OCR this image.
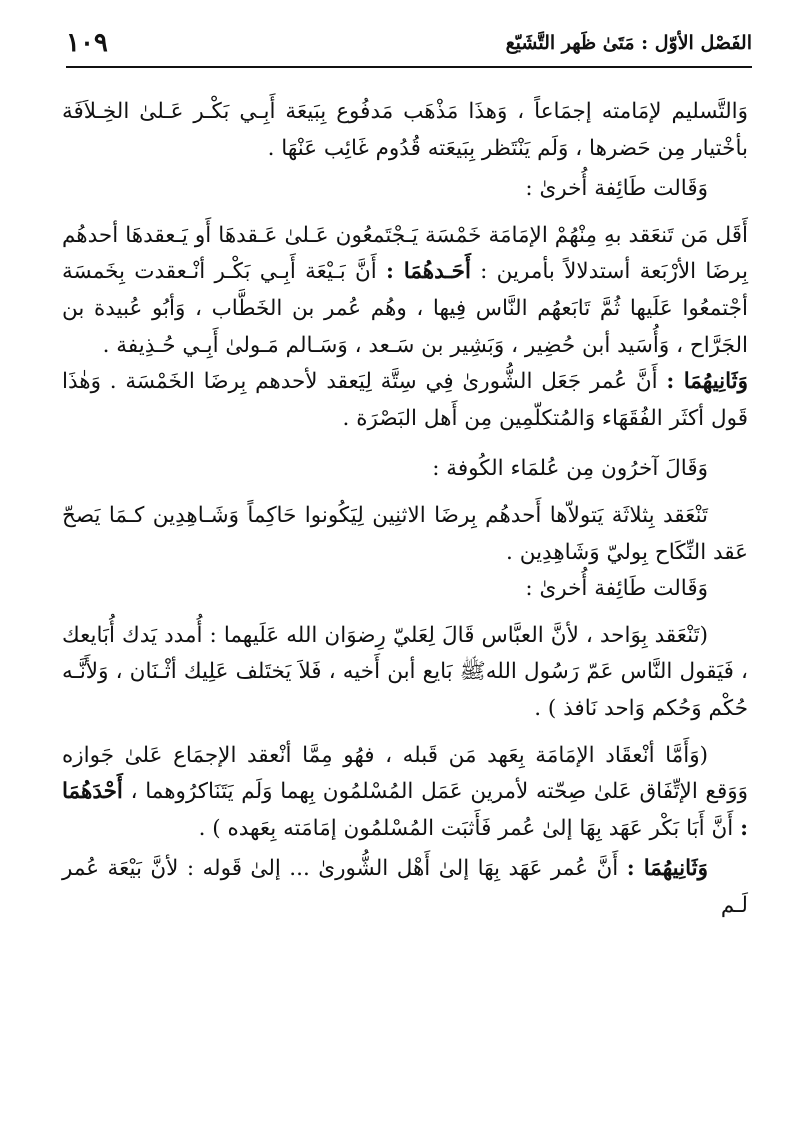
الفَصْل الأوّل : مَتَىٰ ظَهر التَّشَيّع
١٠٩

وَالتَّسليم لإمَامته إجمَاعاً ، وَهذَا مَذْهَب مَدفُوع بِبَيعَة أَبِـي بَكْـر عَـلىٰ الخِـلاَفَة بأخْتيار مِن حَضرها ، وَلَم يَنْتَظر بِبَيعَته قُدُوم غَائِب عَنْهَا .

وَقَالت طَائِفة أُخرىٰ :

أَقَل مَن تَنعَقد بهِ مِنْهُمْ الإمَامَة خَمْسَة يَـجْتَمعُون عَـلىٰ عَـقدهَا أَو يَـعقدهَا أحدهُم بِرضَا الأرْبَعة أستدلالاً بأمرين : أَحَـدهُمَا : أَنَّ بَـيْعَة أَبِـي بَكْـر أنْـعقدت بِخَمسَة أجْتمعُوا عَلَيها ثُمَّ تَابَعهُم النَّاس فِيها ، وهُم عُمر بن الخَطَّاب ، وَأبُو عُبيدة بن الجَرَّاح ، وَأُسَيد أبن حُضِير ، وَبَشِير بن سَـعد ، وَسَـالم مَـولىٰ أَبِـي حُـذِيفة .

وَثَانِيهُمَا : أَنَّ عُمر جَعَل الشُّورىٰ فِي سِتَّة لِيَعقد لأحدهم بِرضَا الخَمْسَة . وَهٰذَا قَول أكثَر الفُقَهَاء وَالمُتكلّمِين مِن أَهل البَصْرَة .

وَقَالَ آخرُون مِن عُلمَاء الكُوفة :

تَنْعَقد بِثلاثَة يَتولاّها أَحدهُم بِرضَا الاثنِين لِيَكُونوا حَاكِماً وَشَـاهِدِين كـمَا يَصحّ عَقد النِّكَاح بِوليّ وَشَاهِدِين .

وَقَالت طَائِفة أُخرىٰ :

(تَنْعَقد بِوَاحد ، لأنَّ العبَّاس قَالَ لِعَليّ رِضوَان الله عَلَيهما : أُمدد يَدك أُبَايعك ، فَيَقول النَّاس عَمّ رَسُول اللهﷺ بَايع أبن أَخيه ، فَلاَ يَختَلف عَلِيك أثْـنَان ، وَلأَنَّـه حُكْم وَحُكم وَاحد نَافذ ) .

(وَأَمَّا أنْعقَاد الإمَامَة بِعَهد مَن قَبله ، فهُو مِمَّا أنْعقد الإجمَاع عَلىٰ جَوازه وَوَقع الإتِّفَاق عَلىٰ صِحّته لأمرين عَمَل المُسْلمُون بِهما وَلَم يَتَنَاكرُوهما ، أَحْدَهُمَا : أَنَّ أَبَا بَكْر عَهَد بِهَا إلىٰ عُمر فَأَثبَت المُسْلمُون إمَامَته بِعَهده ) .

وَثَانِيهُمَا : أَنَّ عُمر عَهَد بِهَا إلىٰ أَهْل الشُّورىٰ ... إلىٰ قَوله : لأنَّ بَيْعَة عُمر لَـم
